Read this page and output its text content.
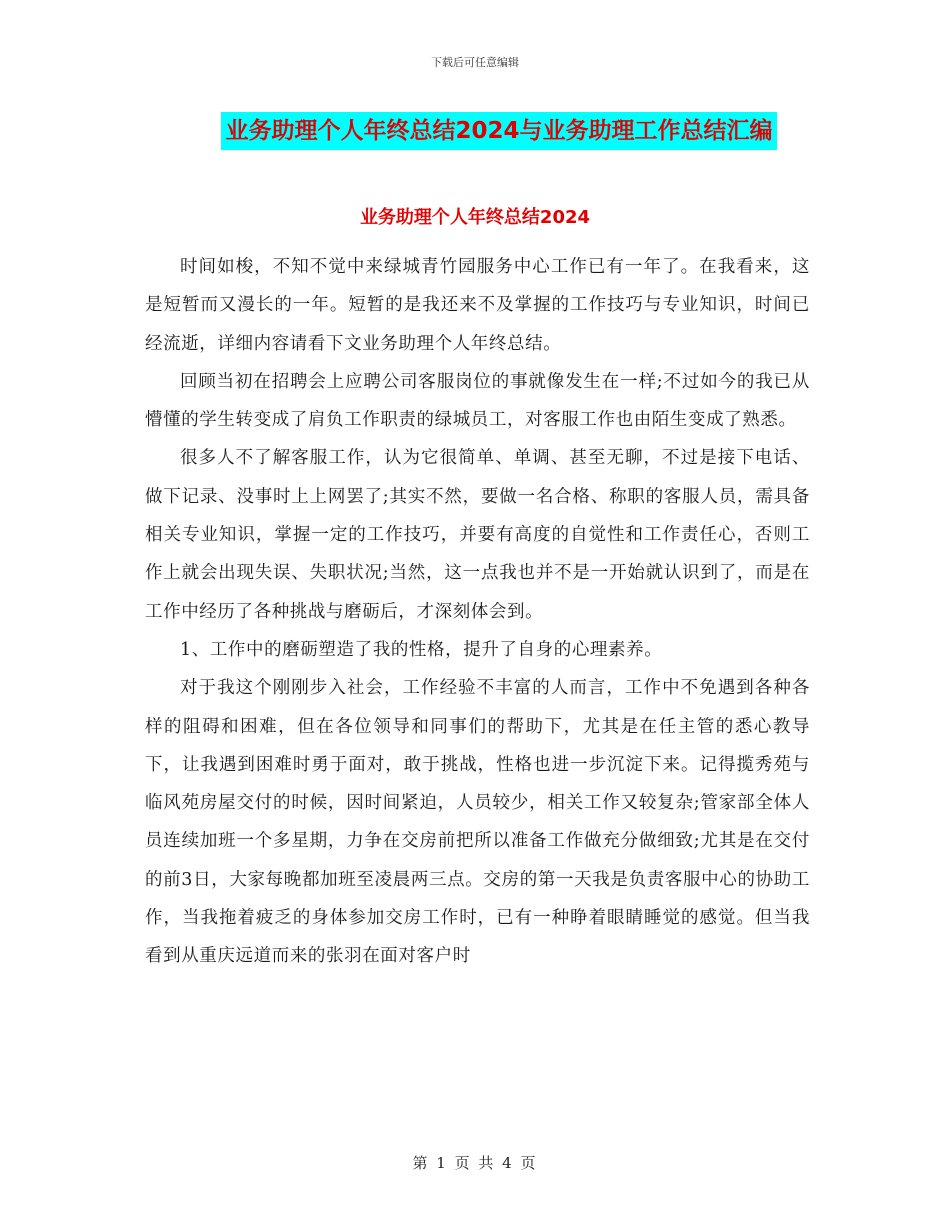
下载后可任意编辑
业务助理个人年终总结2024与业务助理工作总结汇编
业务助理个人年终总结2024

时间如梭，不知不觉中来绿城青竹园服务中心工作已有一年了。在我看来，这是短暂而又漫长的一年。短暂的是我还来不及掌握的工作技巧与专业知识，时间已经流逝，详细内容请看下文业务助理个人年终总结。

回顾当初在招聘会上应聘公司客服岗位的事就像发生在一样;不过如今的我已从懵懂的学生转变成了肩负工作职责的绿城员工，对客服工作也由陌生变成了熟悉。

很多人不了解客服工作，认为它很简单、单调、甚至无聊，不过是接下电话、做下记录、没事时上上网罢了;其实不然，要做一名合格、称职的客服人员，需具备相关专业知识，掌握一定的工作技巧，并要有高度的自觉性和工作责任心，否则工作上就会出现失误、失职状况;当然，这一点我也并不是一开始就认识到了，而是在工作中经历了各种挑战与磨砺后，才深刻体会到。

1、工作中的磨砺塑造了我的性格，提升了自身的心理素养。

对于我这个刚刚步入社会，工作经验不丰富的人而言，工作中不免遇到各种各样的阻碍和困难，但在各位领导和同事们的帮助下，尤其是在任主管的悉心教导下，让我遇到困难时勇于面对，敢于挑战，性格也进一步沉淀下来。记得揽秀苑与临风苑房屋交付的时候，因时间紧迫，人员较少，相关工作又较复杂;管家部全体人员连续加班一个多星期，力争在交房前把所以准备工作做充分做细致;尤其是在交付的前3日，大家每晚都加班至凌晨两三点。交房的第一天我是负责客服中心的协助工作，当我拖着疲乏的身体参加交房工作时，已有一种睁着眼睛睡觉的感觉。但当我看到从重庆远道而来的张羽在面对客户时

第 1 页 共 4 页
